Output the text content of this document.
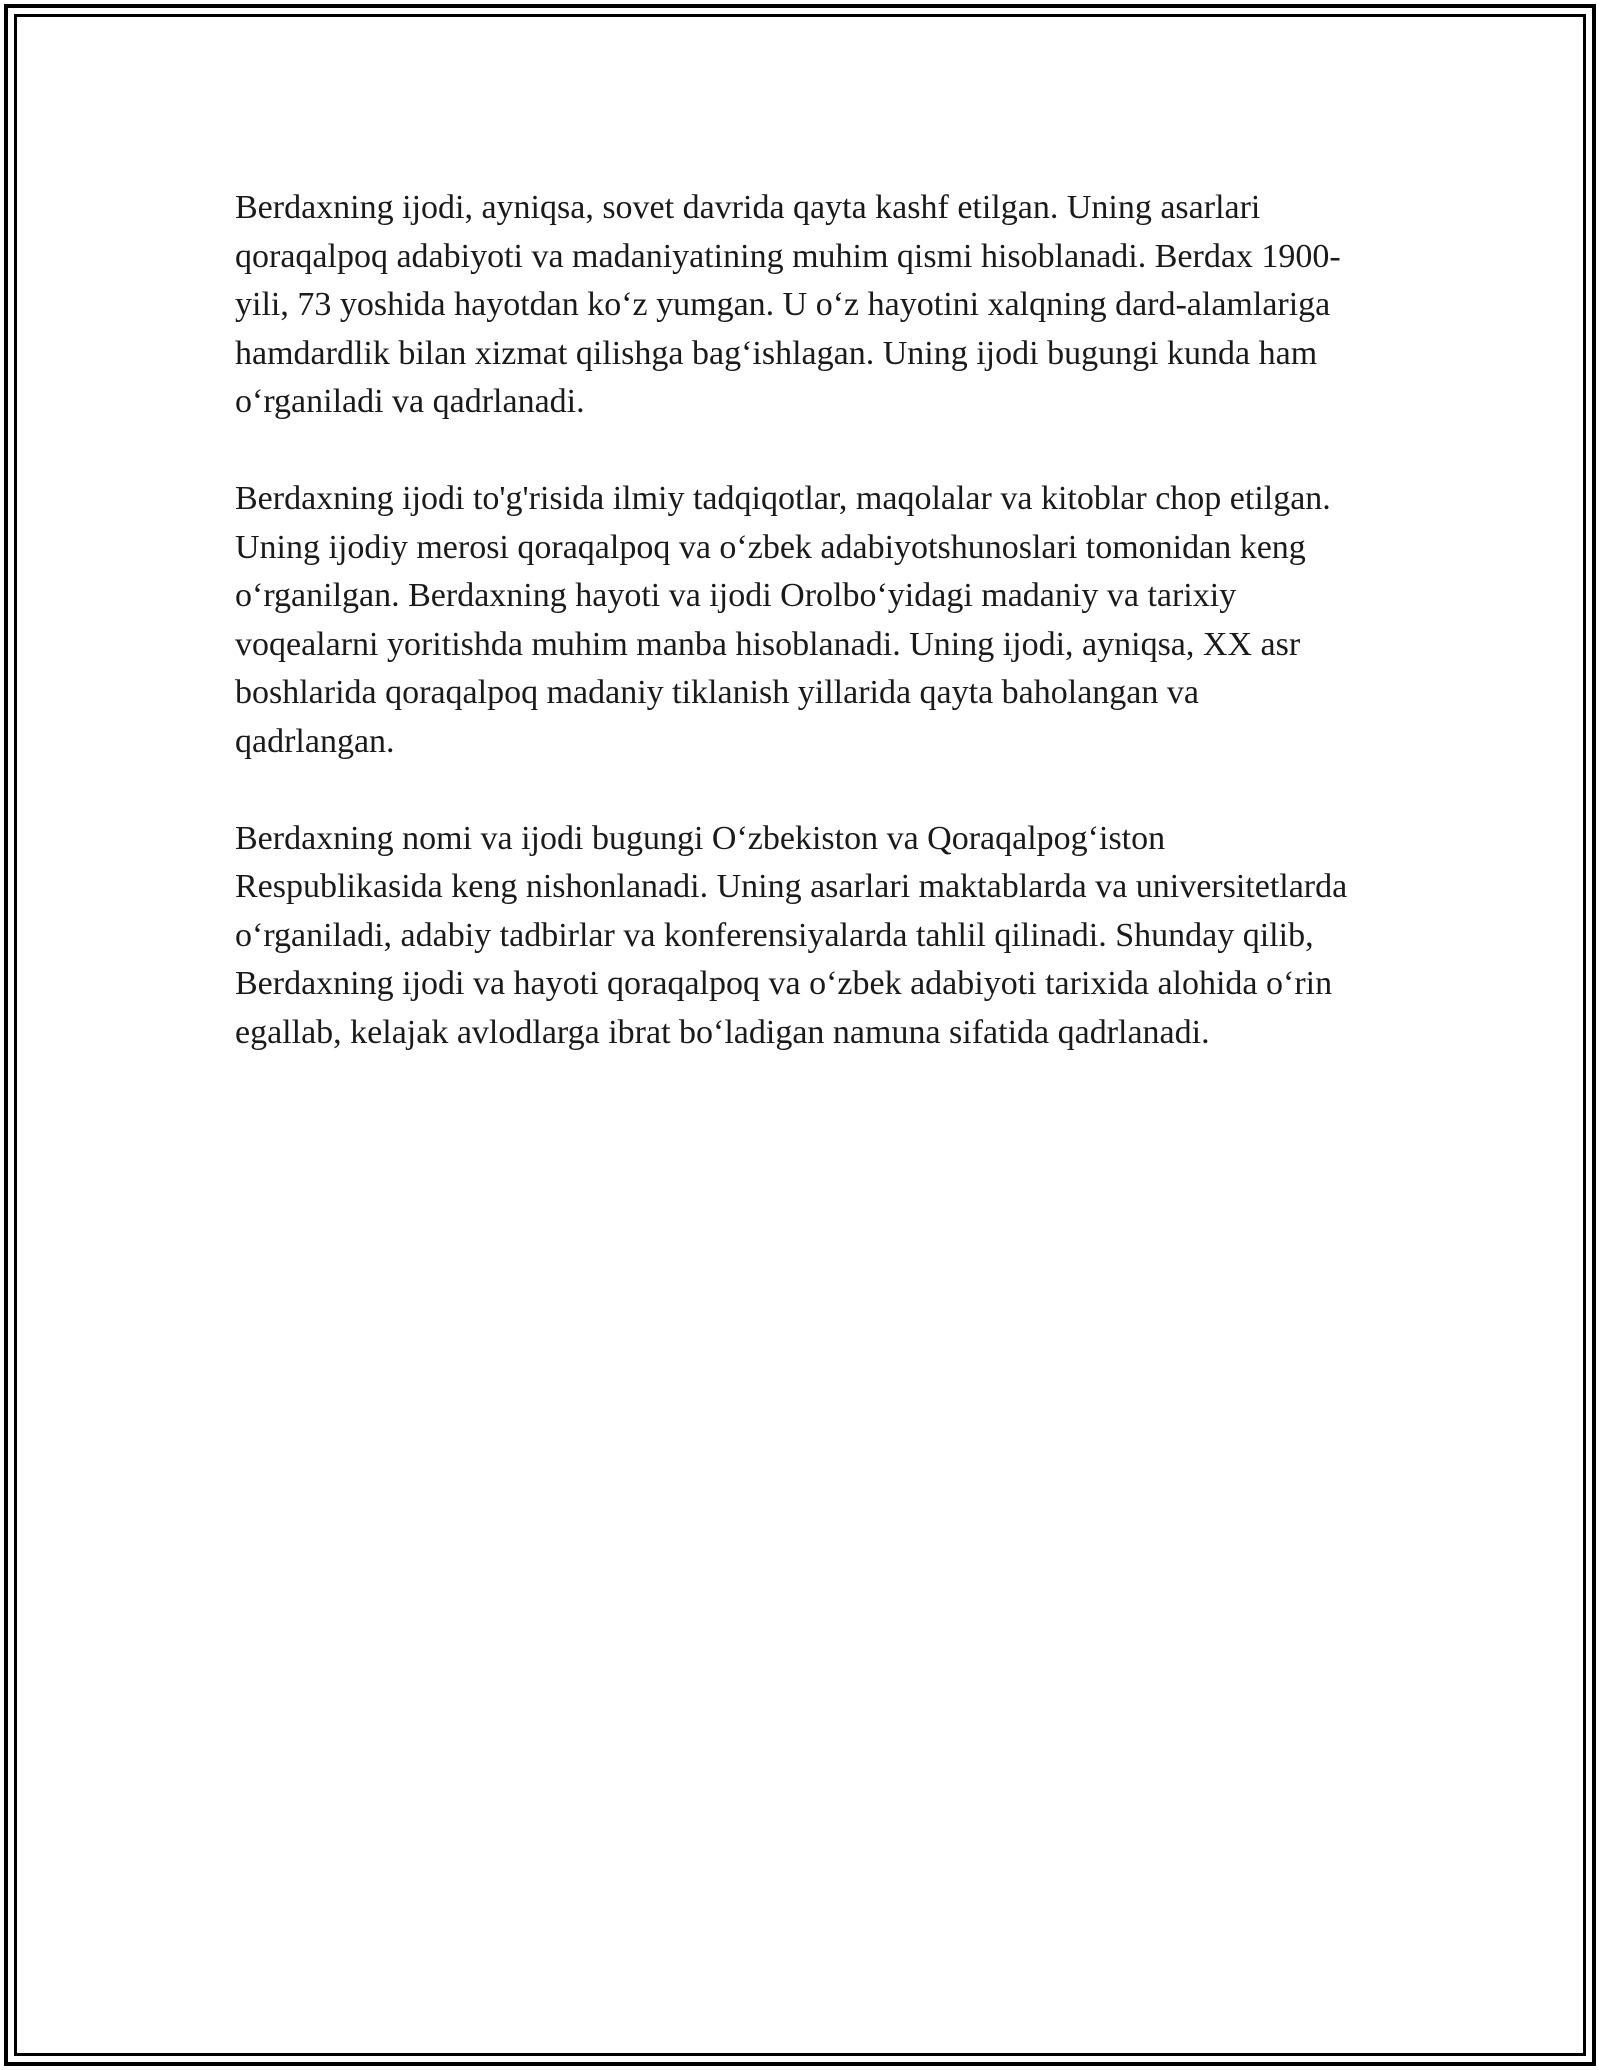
Berdaxning ijodi, ayniqsa, sovet davrida qayta kashf etilgan. Uning asarlari qoraqalpoq adabiyoti va madaniyatining muhim qismi hisoblanadi. Berdax 1900-yili, 73 yoshida hayotdan ko‘z yumgan. U o‘z hayotini xalqning dard-alamlariga hamdardlik bilan xizmat qilishga bag‘ishlagan. Uning ijodi bugungi kunda ham o‘rganiladi va qadrlanadi.

Berdaxning ijodi to'g'risida ilmiy tadqiqotlar, maqolalar va kitoblar chop etilgan. Uning ijodiy merosi qoraqalpoq va o‘zbek adabiyotshunoslari tomonidan keng o‘rganilgan. Berdaxning hayoti va ijodi Orolbo‘yidagi madaniy va tarixiy voqealarni yoritishda muhim manba hisoblanadi. Uning ijodi, ayniqsa, XX asr boshlarida qoraqalpoq madaniy tiklanish yillarida qayta baholangan va qadrlangan.

Berdaxning nomi va ijodi bugungi O‘zbekiston va Qoraqalpog‘iston Respublikasida keng nishonlanadi. Uning asarlari maktablarda va universitetlarda o‘rganiladi, adabiy tadbirlar va konferensiyalarda tahlil qilinadi. Shunday qilib, Berdaxning ijodi va hayoti qoraqalpoq va o‘zbek adabiyoti tarixida alohida o‘rin egallab, kelajak avlodlarga ibrat bo‘ladigan namuna sifatida qadrlanadi.
